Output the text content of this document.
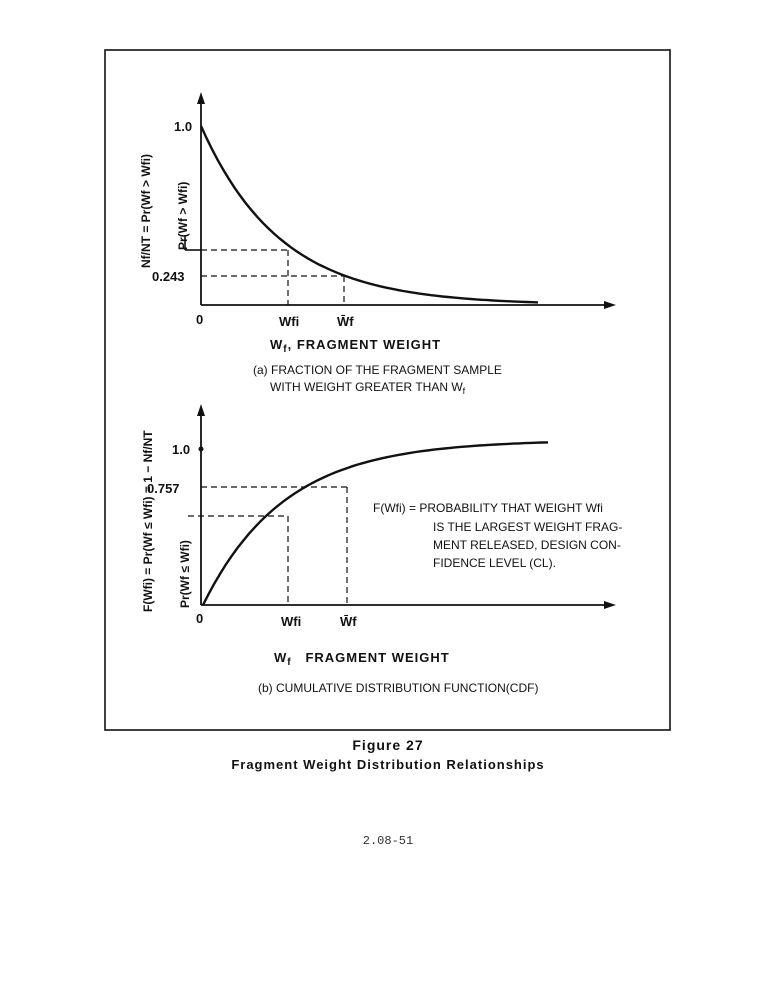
1.0
0.243
0	Wfi	W̄f
$W_f$, FRAGMENT WEIGHT
(a) FRACTION OF THE FRAGMENT SAMPLE
WITH WEIGHT GREATER THAN $W_f$
Nf/NT = Pr(Wf > Wfi) Pr(Wf > Wfi)
1.0
0.757
0	Wfi	W̄f
$W_f$   FRAGMENT WEIGHT
(b) CUMULATIVE DISTRIBUTION FUNCTION(CDF)
F(Wfi) = Pr(Wf ≤ Wfi) = 1 − Nf/NT Pr(Wf ≤ Wfi)
F(Wfi) = PROBABILITY THAT WEIGHT Wfi
IS THE LARGEST WEIGHT FRAG-
MENT RELEASED, DESIGN CON-
FIDENCE LEVEL (CL).
Figure 27
Fragment Weight Distribution Relationships
2.08-51
